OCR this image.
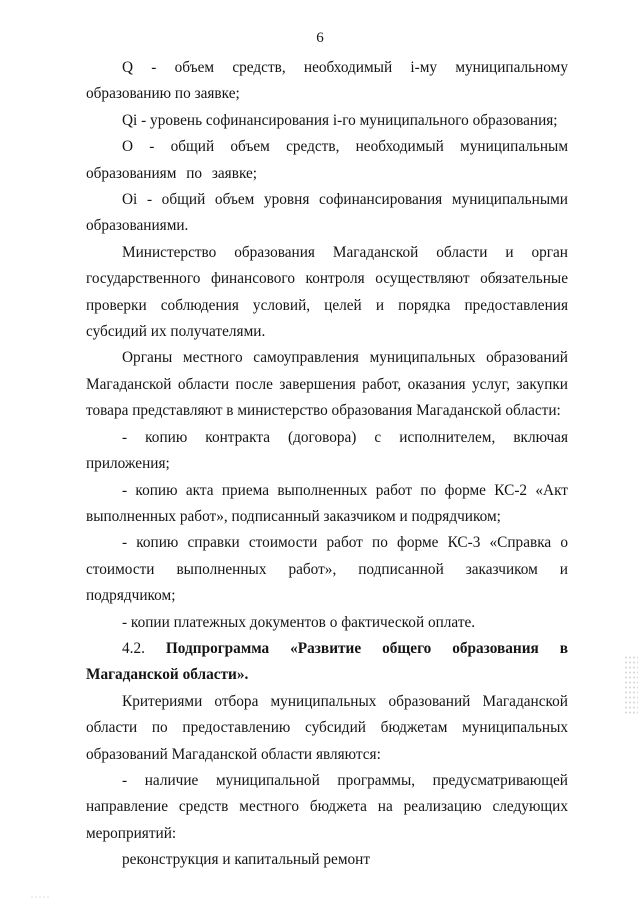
6

Q - объем средств, необходимый i-му муниципальному образованию по заявке;

Qi - уровень софинансирования i-го муниципального образования;

О - общий объем средств, необходимый муниципальным образованиям по заявке;

Oi - общий объем уровня софинансирования муниципальными образованиями.

Министерство образования Магаданской области и орган государственного финансового контроля осуществляют обязательные проверки соблюдения условий, целей и порядка предоставления субсидий их получателями.

Органы местного самоуправления муниципальных образований Магаданской области после завершения работ, оказания услуг, закупки товара представляют в министерство образования Магаданской области:

- копию контракта (договора) с исполнителем, включая приложения;

- копию акта приема выполненных работ по форме КС-2 «Акт выполненных работ», подписанный заказчиком и подрядчиком;

- копию справки стоимости работ по форме КС-3 «Справка о стоимости выполненных работ», подписанной заказчиком и подрядчиком;

- копии платежных документов о фактической оплате.

4.2. Подпрограмма «Развитие общего образования в Магаданской области».

Критериями отбора муниципальных образований Магаданской области по предоставлению субсидий бюджетам муниципальных образований Магаданской области являются:

- наличие муниципальной программы, предусматривающей направление средств местного бюджета на реализацию следующих мероприятий:

реконструкция и капитальный ремонт
